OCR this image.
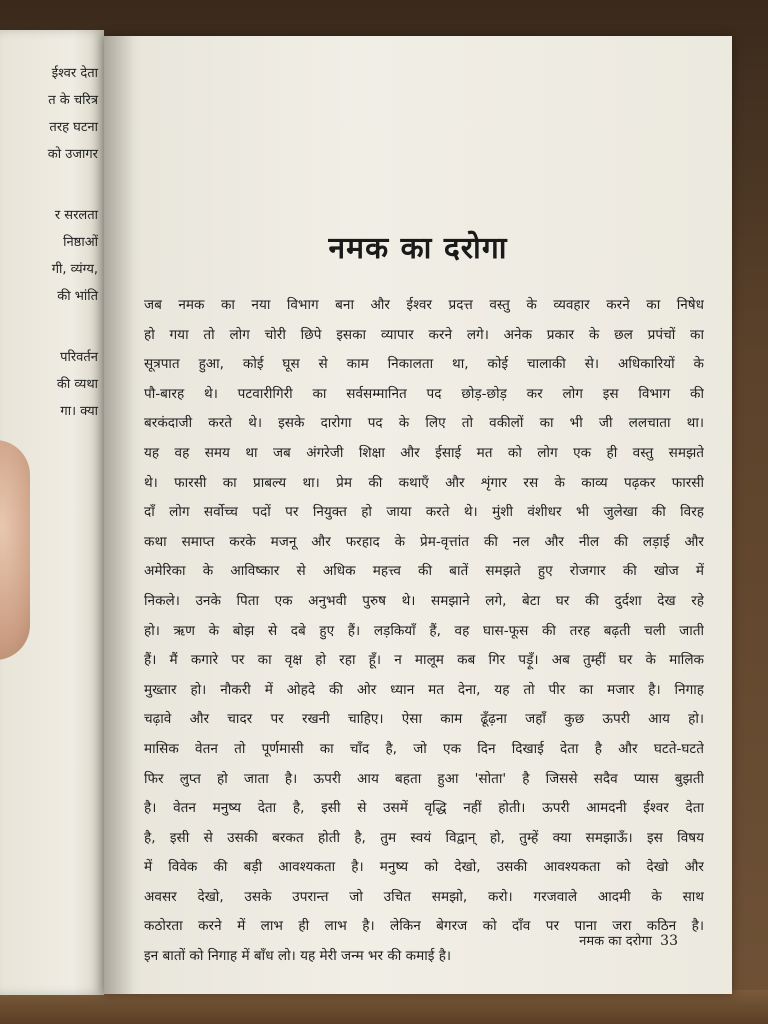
ईश्वर देता
त के चरित्र
तरह घटना
को उजागर
र सरलता
निष्ठाओं
गी, व्यंग्य,
की भांति
परिवर्तन
की व्यथा
गा। क्या
नमक का दरोगा
जब नमक का नया विभाग बना और ईश्वर प्रदत्त वस्तु के व्यवहार करने का निषेध
हो गया तो लोग चोरी छिपे इसका व्यापार करने लगे। अनेक प्रकार के छल प्रपंचों का
सूत्रपात हुआ, कोई घूस से काम निकालता था, कोई चालाकी से। अधिकारियों के
पौ-बारह थे। पटवारीगिरी का सर्वसम्मानित पद छोड़-छोड़ कर लोग इस विभाग की
बरकंदाजी करते थे। इसके दारोगा पद के लिए तो वकीलों का भी जी ललचाता था।
यह वह समय था जब अंगरेजी शिक्षा और ईसाई मत को लोग एक ही वस्तु समझते
थे। फारसी का प्राबल्य था। प्रेम की कथाएँ और शृंगार रस के काव्य पढ़कर फारसी
दाँ लोग सर्वोच्च पदों पर नियुक्त हो जाया करते थे। मुंशी वंशीधर भी जुलेखा की विरह
कथा समाप्त करके मजनू और फरहाद के प्रेम-वृत्तांत की नल और नील की लड़ाई और
अमेरिका के आविष्कार से अधिक महत्त्व की बातें समझते हुए रोजगार की खोज में
निकले। उनके पिता एक अनुभवी पुरुष थे। समझाने लगे, बेटा घर की दुर्दशा देख रहे
हो। ऋण के बोझ से दबे हुए हैं। लड़कियाँ हैं, वह घास-फूस की तरह बढ़ती चली जाती
हैं। मैं कगारे पर का वृक्ष हो रहा हूँ। न मालूम कब गिर पड़ूँ। अब तुम्हीं घर के मालिक
मुख्तार हो। नौकरी में ओहदे की ओर ध्यान मत देना, यह तो पीर का मजार है। निगाह
चढ़ावे और चादर पर रखनी चाहिए। ऐसा काम ढूँढ़ना जहाँ कुछ ऊपरी आय हो।
मासिक वेतन तो पूर्णमासी का चाँद है, जो एक दिन दिखाई देता है और घटते-घटते
फिर लुप्त हो जाता है। ऊपरी आय बहता हुआ 'सोता' है जिससे सदैव प्यास बुझती
है। वेतन मनुष्य देता है, इसी से उसमें वृद्धि नहीं होती। ऊपरी आमदनी ईश्वर देता
है, इसी से उसकी बरकत होती है, तुम स्वयं विद्वान् हो, तुम्हें क्या समझाऊँ। इस विषय
में विवेक की बड़ी आवश्यकता है। मनुष्य को देखो, उसकी आवश्यकता को देखो और
अवसर देखो, उसके उपरान्त जो उचित समझो, करो। गरजवाले आदमी के साथ
कठोरता करने में लाभ ही लाभ है। लेकिन बेगरज को दाँव पर पाना जरा कठिन है।
इन बातों को निगाह में बाँध लो। यह मेरी जन्म भर की कमाई है।
नमक का दरोगा 33
